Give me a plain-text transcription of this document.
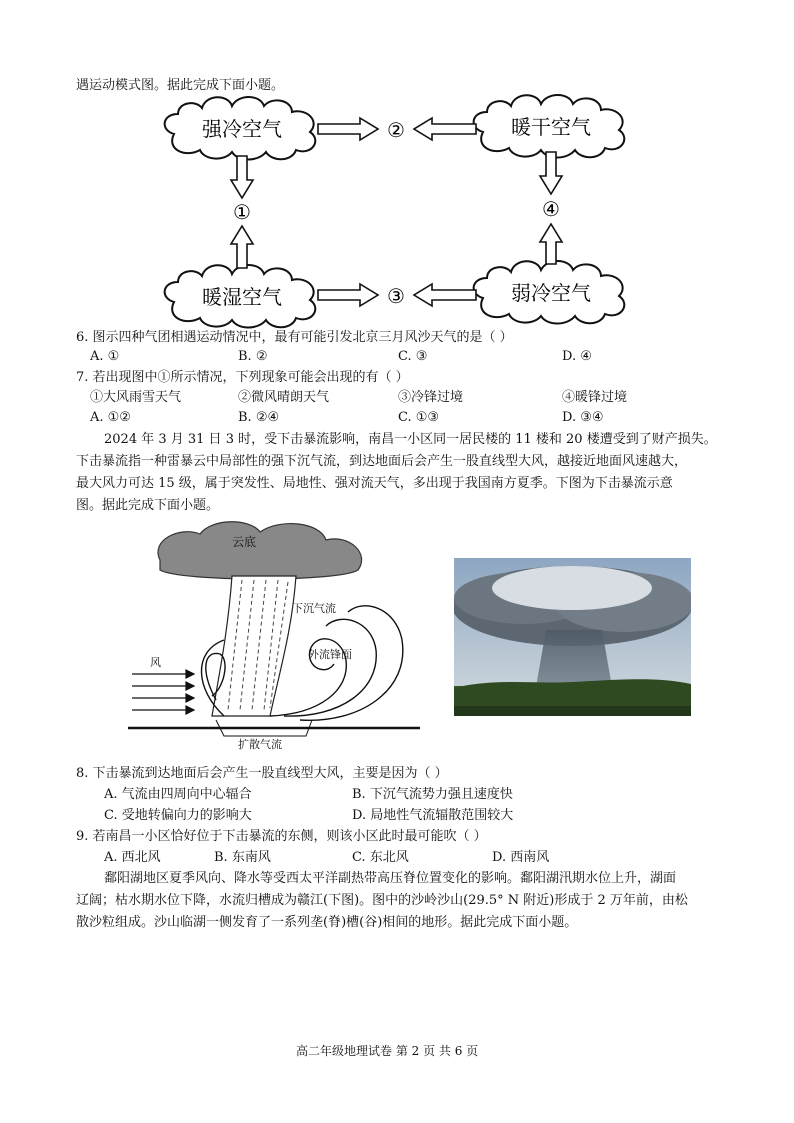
遇运动模式图。据此完成下面小题。
强冷空气	暖干空气
暖湿空气	弱冷空气
②
①	④
③
6. 图示四种气团相遇运动情况中，最有可能引发北京三月风沙天气的是（ ）
A. ①	B. ②	C. ③	D. ④
7. 若出现图中①所示情况，下列现象可能会出现的有（ ）
①大风雨雪天气	②微风晴朗天气	③冷锋过境	④暖锋过境
A. ①②	B. ②④	C. ①③	D. ③④
2024 年 3 月 31 日 3 时，受下击暴流影响，南昌一小区同一居民楼的 11 楼和 20 楼遭受到了财产损失。
下击暴流指一种雷暴云中局部性的强下沉气流，到达地面后会产生一股直线型大风，越接近地面风速越大，
最大风力可达 15 级，属于突发性、局地性、强对流天气，多出现于我国南方夏季。下图为下击暴流示意
图。据此完成下面小题。
云底
下沉气流
外流锋面
风
扩散气流
8. 下击暴流到达地面后会产生一股直线型大风，主要是因为（ ）
A. 气流由四周向中心辐合	B. 下沉气流势力强且速度快
C. 受地转偏向力的影响大	D. 局地性气流辐散范围较大
9. 若南昌一小区恰好位于下击暴流的东侧，则该小区此时最可能吹（ ）
A. 西北风	B. 东南风	C. 东北风	D. 西南风
鄱阳湖地区夏季风向、降水等受西太平洋副热带高压脊位置变化的影响。鄱阳湖汛期水位上升，湖面
辽阔；枯水期水位下降，水流归槽成为赣江(下图)。图中的沙岭沙山(29.5° N 附近)形成于 2 万年前，由松
散沙粒组成。沙山临湖一侧发育了一系列垄(脊)槽(谷)相间的地形。据此完成下面小题。
高二年级地理试卷 第 2 页 共 6 页
